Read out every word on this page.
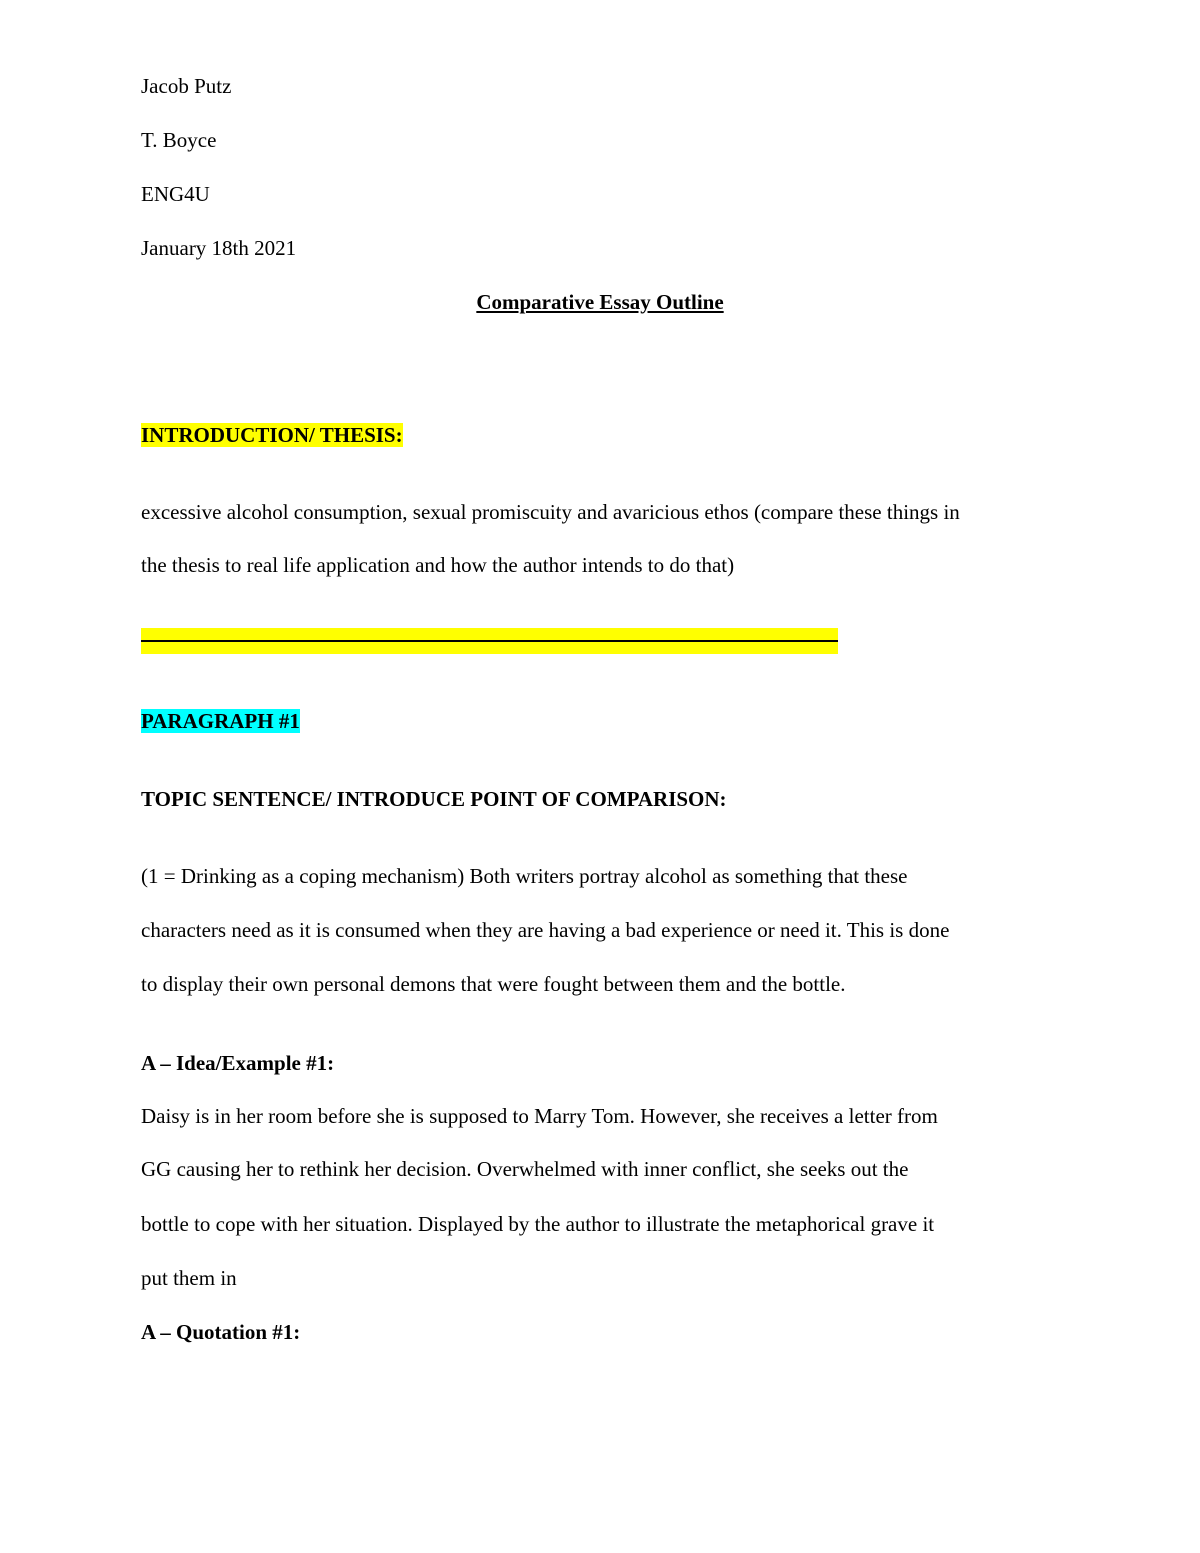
Jacob Putz
T. Boyce
ENG4U
January 18th 2021
Comparative Essay Outline
INTRODUCTION/ THESIS:
excessive alcohol consumption, sexual promiscuity and avaricious ethos (compare these things in
the thesis to real life application and how the author intends to do that)
PARAGRAPH #1
TOPIC SENTENCE/ INTRODUCE POINT OF COMPARISON:
(1 = Drinking as a coping mechanism) Both writers portray alcohol as something that these
characters need as it is consumed when they are having a bad experience or need it. This is done
to display their own personal demons that were fought between them and the bottle.
A – Idea/Example #1:
Daisy is in her room before she is supposed to Marry Tom. However, she receives a letter from
GG causing her to rethink her decision. Overwhelmed with inner conflict, she seeks out the
bottle to cope with her situation. Displayed by the author to illustrate the metaphorical grave it
put them in
A – Quotation #1:
